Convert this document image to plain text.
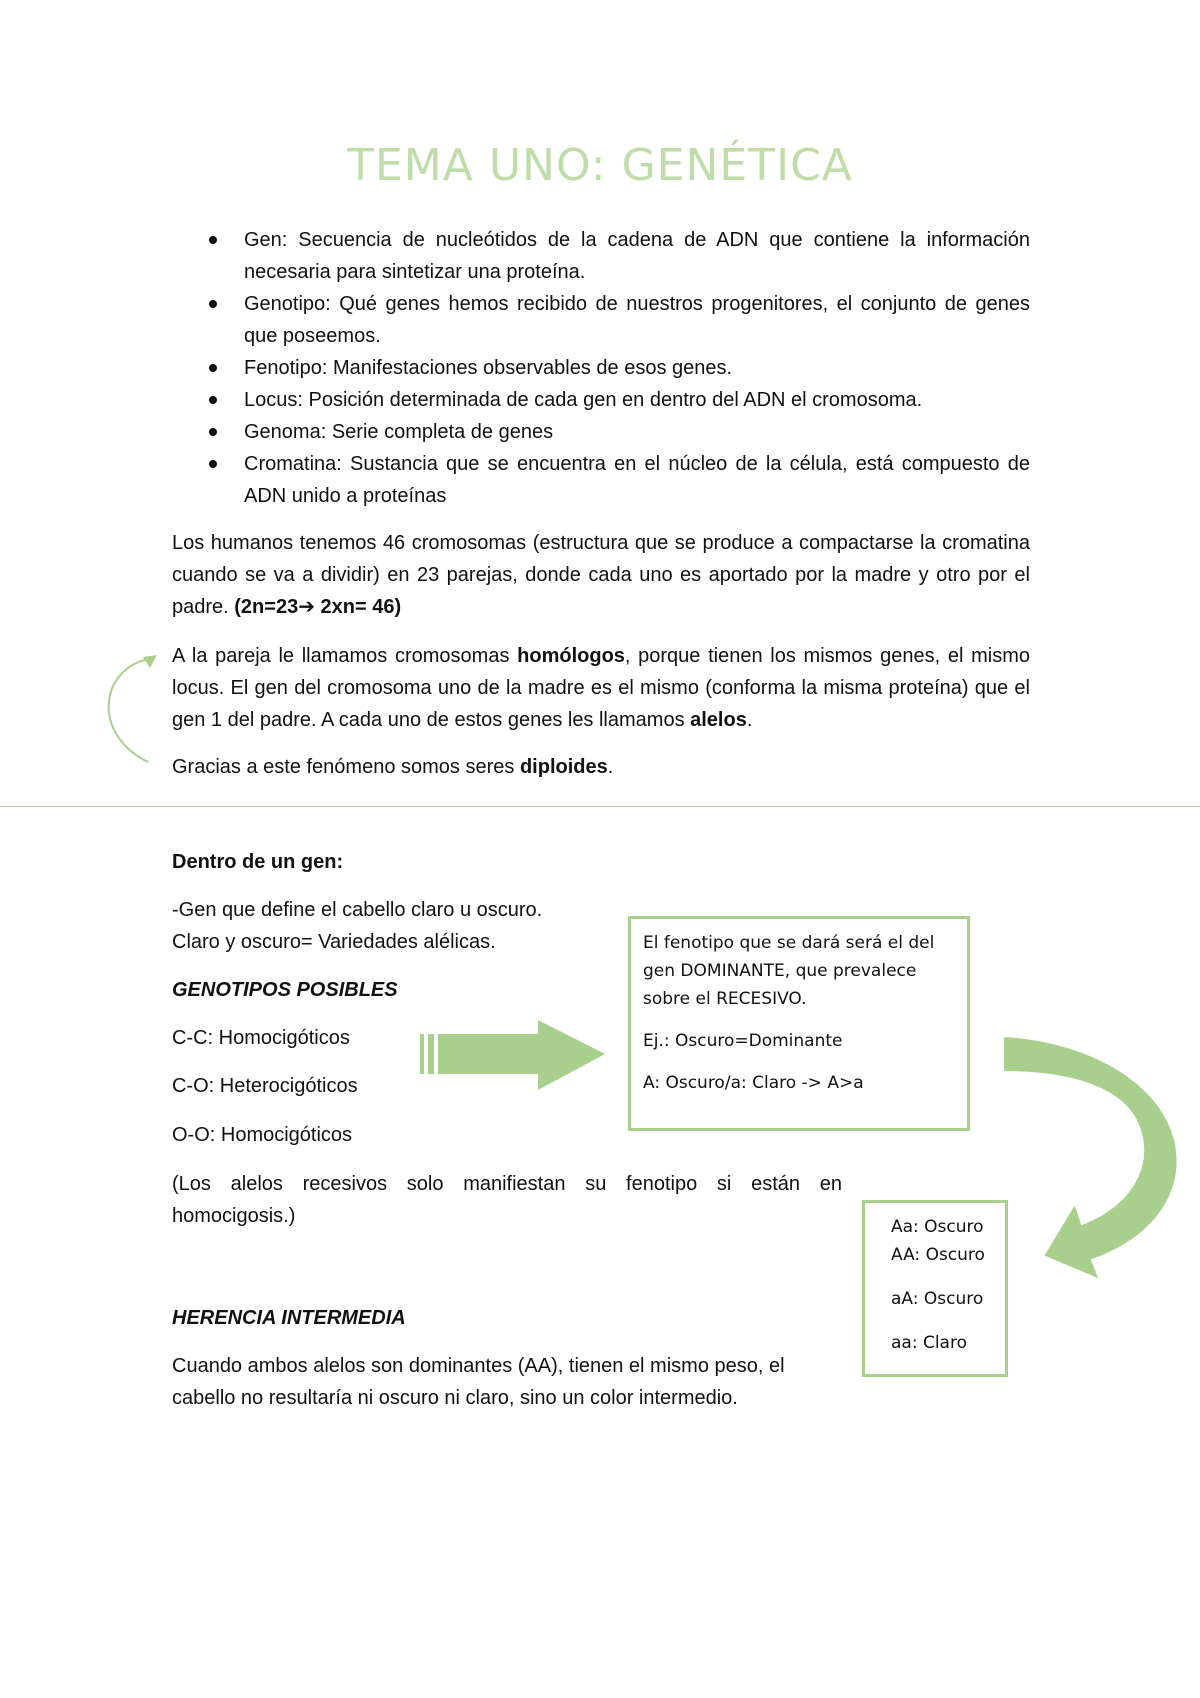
TEMA UNO: GENÉTICA
Gen: Secuencia de nucleótidos de la cadena de ADN que contiene la información necesaria para sintetizar una proteína.
Genotipo: Qué genes hemos recibido de nuestros progenitores, el conjunto de genes que poseemos.
Fenotipo: Manifestaciones observables de esos genes.
Locus: Posición determinada de cada gen en dentro del ADN el cromosoma.
Genoma: Serie completa de genes
Cromatina: Sustancia que se encuentra en el núcleo de la célula, está compuesto de ADN unido a proteínas

Los humanos tenemos 46 cromosomas (estructura que se produce a compactarse la cromatina cuando se va a dividir) en 23 parejas, donde cada uno es aportado por la madre y otro por el padre. (2n=23➔ 2xn= 46)

A la pareja le llamamos cromosomas homólogos, porque tienen los mismos genes, el mismo locus. El gen del cromosoma uno de la madre es el mismo (conforma la misma proteína) que el gen 1 del padre. A cada uno de estos genes les llamamos alelos.

Gracias a este fenómeno somos seres diploides.

Dentro de un gen:

-Gen que define el cabello claro u oscuro.

Claro y oscuro= Variedades alélicas.

GENOTIPOS POSIBLES

C-C: Homocigóticos

C-O: Heterocigóticos

O-O: Homocigóticos

(Los alelos recesivos solo manifiestan su fenotipo si están en homocigosis.)

HERENCIA INTERMEDIA

Cuando ambos alelos son dominantes (AA), tienen el mismo peso, el cabello no resultaría ni oscuro ni claro, sino un color intermedio.

El fenotipo que se dará será el del gen DOMINANTE, que prevalece sobre el RECESIVO.

Ej.: Oscuro=Dominante

A: Oscuro/a: Claro -> A>a

Aa: Oscuro

AA: Oscuro

aA: Oscuro

aa: Claro
